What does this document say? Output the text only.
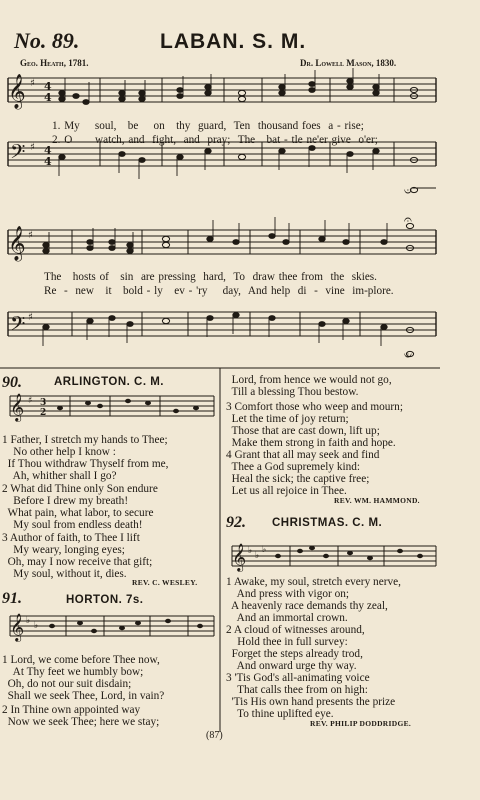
No. 89.	LABAN. S. M.
Geo. Heath, 1781.	Dr. Lowell Mason, 1830.
𝄞
𝄢
𝄞
𝄢
♯
♯
♯
♯
4
4
4
4
𝄐
𝄑
𝄑
1. My    soul,   be    on   thy  guard,  Ten  thousand foes  a - rise;
2. O      watch, and  fight,  and  pray;  The   bat - tle ne'er give  o'er;
The   hosts of   sin  are pressing  hard,  To  draw thee from  the  skies.
Re  -  new   it   bold - ly   ev - 'ry    day,  And help  di  -  vine  im-plore.
90.	ARLINGTON. C. M.
𝄞 ♯ 3
2
1 Father, I stretch my hands to Thee;
No other help I know :
If Thou withdraw Thyself from me,
Ah, whither shall I go?
2 What did Thine only Son endure
Before I drew my breath!
What pain, what labor, to secure
My soul from endless death!
3 Author of faith, to Thee I lift
My weary, longing eyes;
Oh, may I now receive that gift;
My soul, without it, dies.
REV. C. WESLEY.
91.	HORTON. 7s.
𝄞 ♭ ♭
1 Lord, we come before Thee now,
At Thy feet we humbly bow;
Oh, do not our suit disdain;
Shall we seek Thee, Lord, in vain?
2 In Thine own appointed way
Now we seek Thee; here we stay;
Lord, from hence we would not go,
Till a blessing Thou bestow.
3 Comfort those who weep and mourn;
Let the time of joy return;
Those that are cast down, lift up;
Make them strong in faith and hope.
4 Grant that all may seek and find
Thee a God supremely kind:
Heal the sick; the captive free;
Let us all rejoice in Thee.
REV. WM. HAMMOND.
92. CHRISTMAS. C. M.
𝄞 ♭ ♭
♭
1 Awake, my soul, stretch every nerve,
And press with vigor on;
A heavenly race demands thy zeal,
And an immortal crown.
2 A cloud of witnesses around,
Hold thee in full survey:
Forget the steps already trod,
And onward urge thy way.
3 'Tis God's all-animating voice
That calls thee from on high:
'Tis His own hand presents the prize
To thine uplifted eye.
REV. PHILIP DODDRIDGE.
(87)
